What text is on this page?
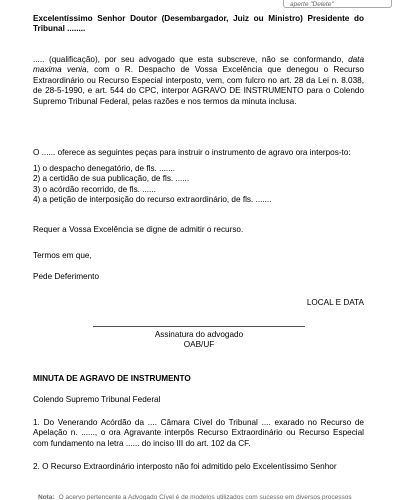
aperte "Delete"

Excelentíssimo Senhor Doutor (Desembargador, Juiz ou Ministro) Presidente do Tribunal ........

..... (qualificação), por seu advogado que esta subscreve, não se conformando, data maxima venia, com o R. Despacho de Vossa Excelência que denegou o Recurso Extraordinário ou Recurso Especial interposto, vem, com fulcro no art. 28 da Lei n. 8.038, de 28-5-1990, e art. 544 do CPC, interpor AGRAVO DE INSTRUMENTO para o Colendo Supremo Tribunal Federal, pelas razões e nos termos da minuta inclusa.

O ...... oferece as seguintes peças para instruir o instrumento de agravo ora interpos-to:

1) o despacho denegatório, de fls. .......

2) a certidão de sua publicação, de fls. ......

3) o acórdão recorrido, de fls. ......

4) a petição de interposição do recurso extraordinário, de fls. .......

Requer a Vossa Excelência se digne de admitir o recurso.

Termos em que,

Pede Deferimento

LOCAL E DATA

Assinatura do advogado

OAB/UF

MINUTA DE AGRAVO DE INSTRUMENTO

Colendo Supremo Tribunal Federal

1. Do Venerando Acórdão da .... Câmara Cível do Tribunal .... exarado no Recurso de Apelação n. ......, o ora Agravante interpôs Recurso Extraordinário ou Recurso Especial com fundamento na letra ...... do inciso III do art. 102 da CF.

2. O Recurso Extraordinário interposto não foi admitido pelo Excelentíssimo Senhor

Nota: O acervo pertencente a Advogado Cível é de modelos utilizados com sucesso em diversos processos
